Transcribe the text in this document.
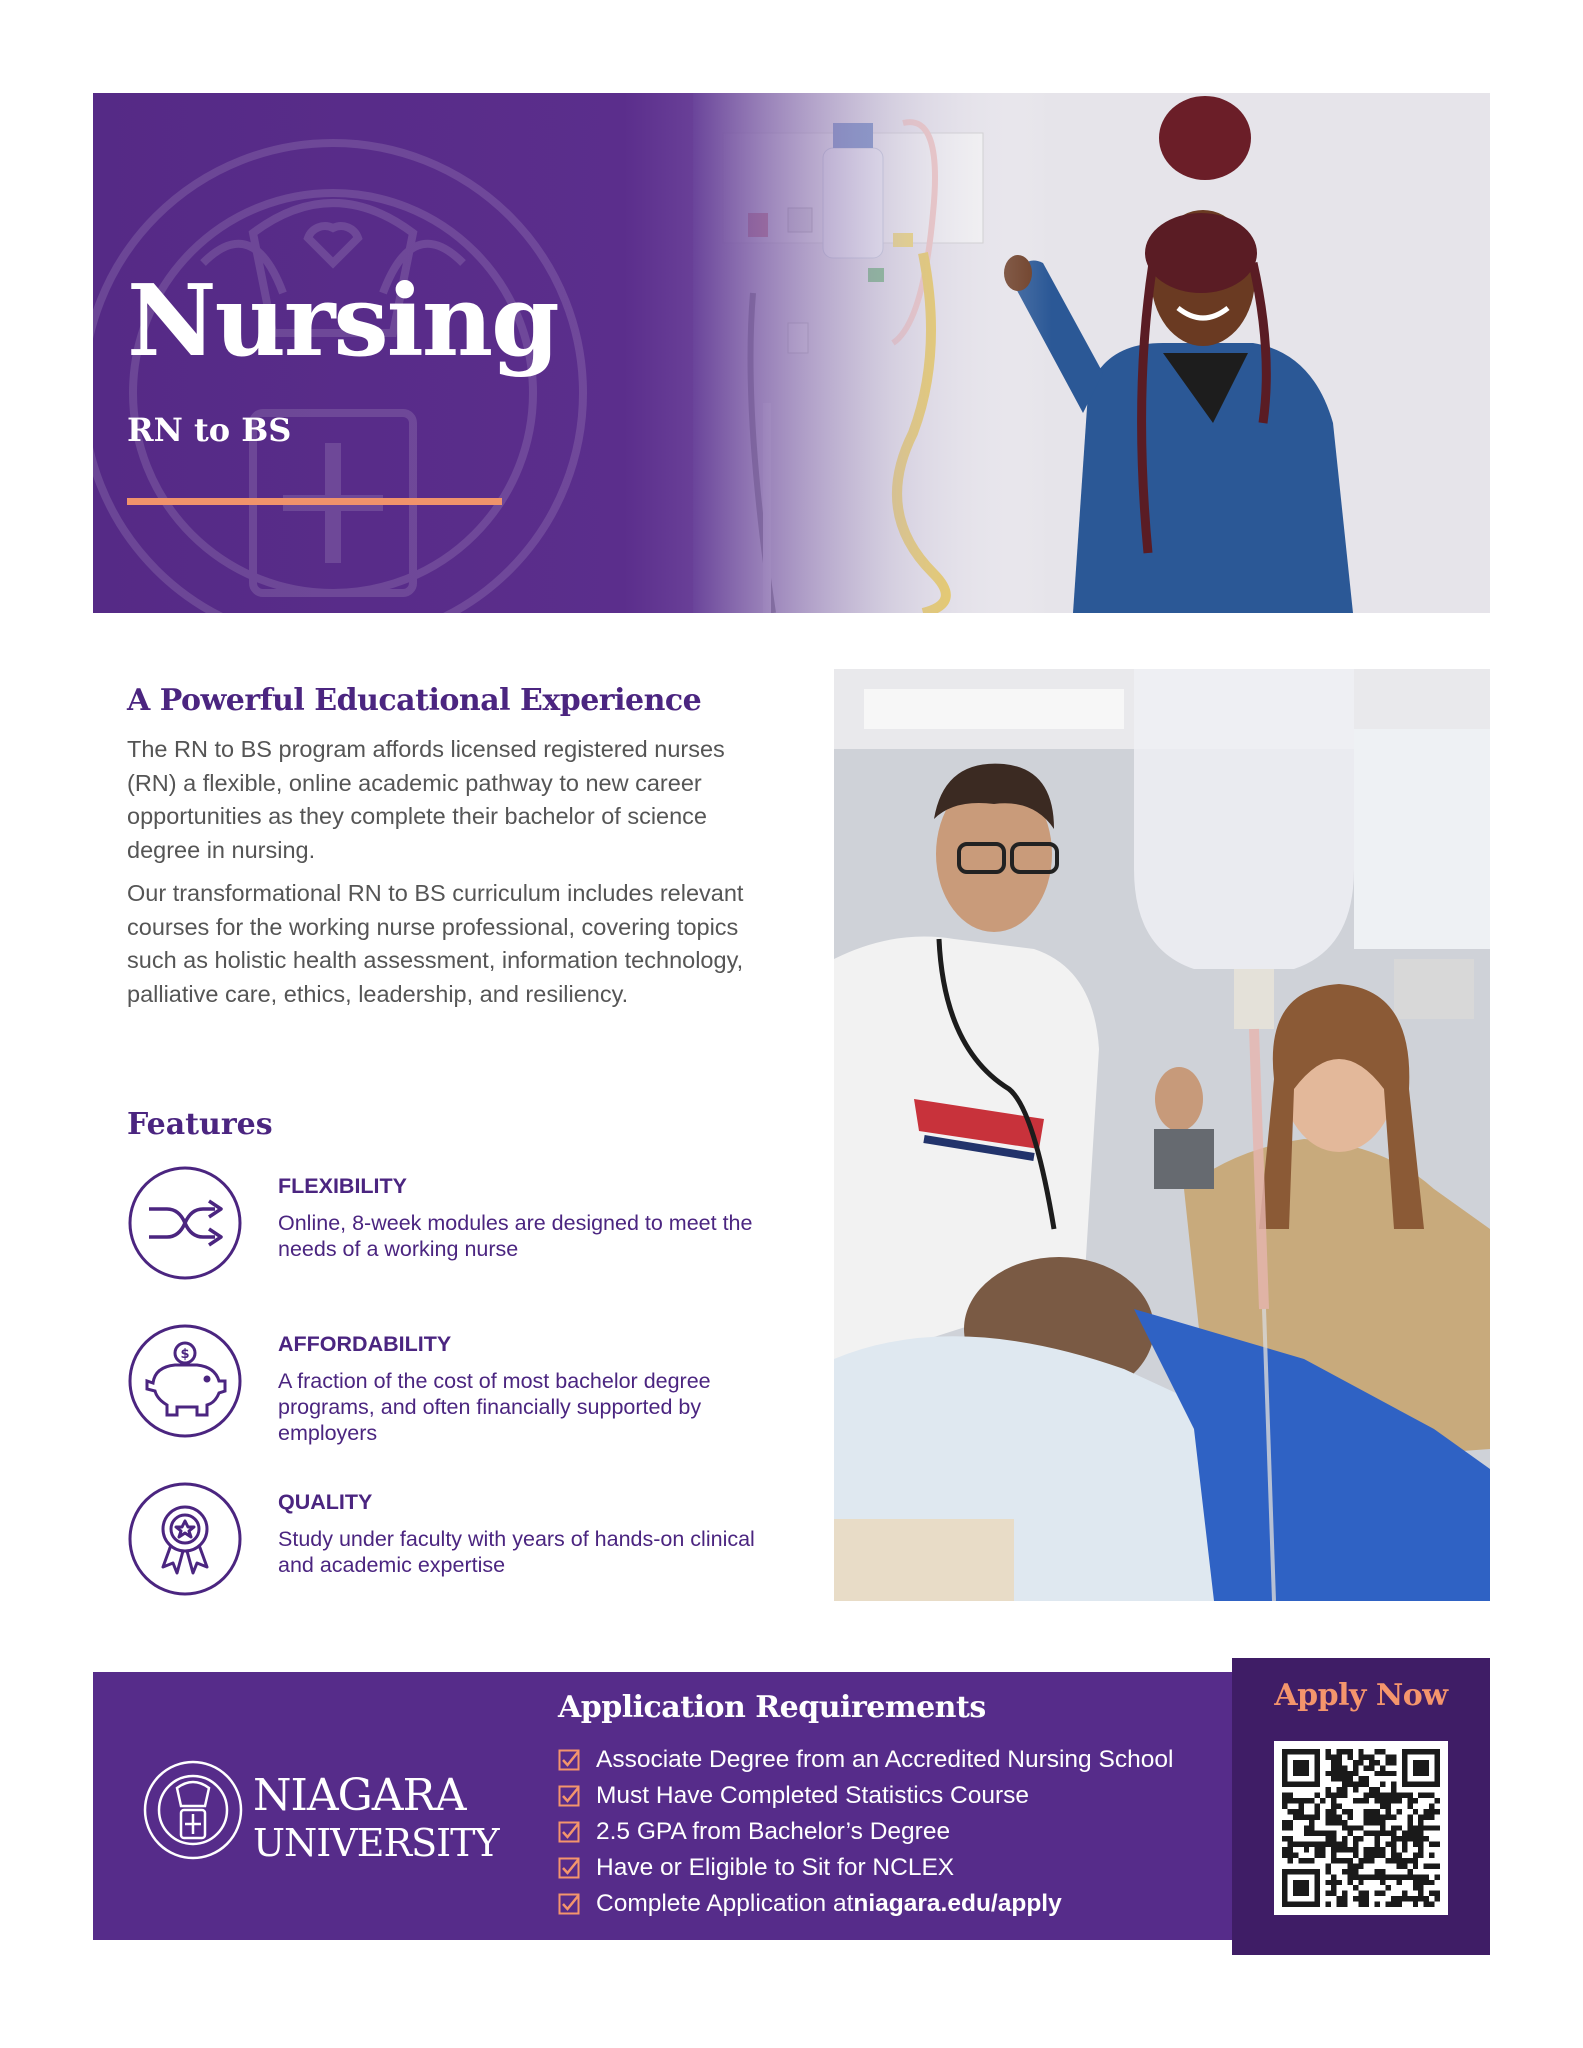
Nursing
RN to BS
A Powerful Educational Experience

The RN to BS program affords licensed registered nurses (RN) a flexible, online academic pathway to new career opportunities as they complete their bachelor of science degree in nursing.

Our transformational RN to BS curriculum includes relevant courses for the working nurse professional, covering topics such as holistic health assessment, information technology, palliative care, ethics, leadership, and resiliency.

Features
FLEXIBILITY
Online, 8-week modules are designed to meet the needs of a working nurse
$	AFFORDABILITY
A fraction of the cost of most bachelor degree programs, and often financially supported by employers
QUALITY
Study under faculty with years of hands-on clinical and academic expertise
NIAGARA
UNIVERSITY
Application Requirements
Associate Degree from an Accredited Nursing School
Must Have Completed Statistics Course
2.5 GPA from Bachelor’s Degree
Have or Eligible to Sit for NCLEX
Complete Application at niagara.edu/apply
Apply Now
